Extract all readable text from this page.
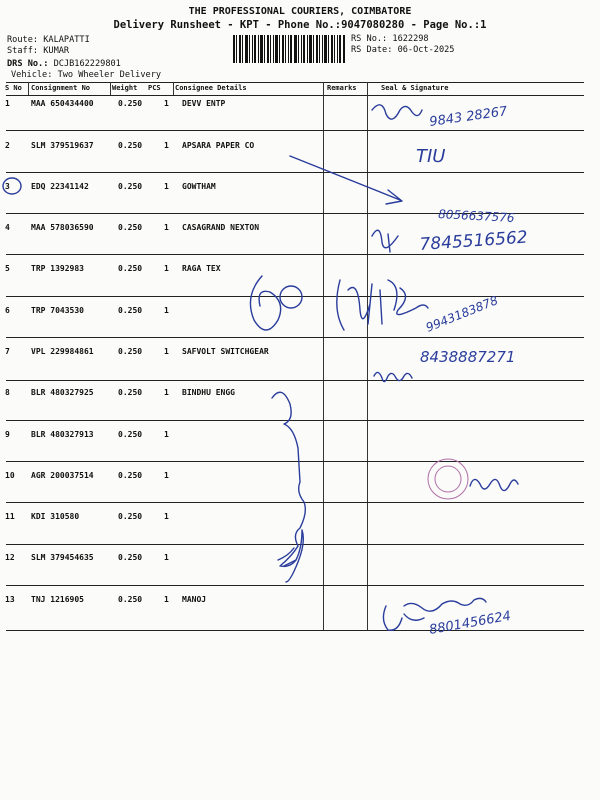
THE PROFESSIONAL COURIERS, COIMBATORE
Delivery Runsheet - KPT - Phone No.:9047080280 - Page No.:1
Route: KALAPATTI
Staff: KUMAR
DRS No.: DCJB162229801
Vehicle: Two Wheeler Delivery
RS No.: 1622298
RS Date: 06-Oct-2025
S No Consignment No	Weight PCS Consignee Details	Remarks	Seal & Signature
1	MAA 650434400	0.250	1 DEVV ENTP
2	SLM 379519637	0.250	1 APSARA PAPER CO
3	EDQ 22341142	0.250	1 GOWTHAM
4	MAA 578036590	0.250	1 CASAGRAND NEXTON
5	TRP 1392983	0.250	1 RAGA TEX
6	TRP 7043530	0.250	1
7	VPL 229984861	0.250	1 SAFVOLT SWITCHGEAR
8	BLR 480327925	0.250	1 BINDHU ENGG
9	BLR 480327913	0.250	1
10 AGR 200037514	0.250	1
11 KDI 310580	0.250	1
12 SLM 379454635	0.250	1
13 TNJ 1216905	0.250	1 MANOJ
9843 28267
TIU
8056637576
7845516562
9943183878
8438887271
8801456624
